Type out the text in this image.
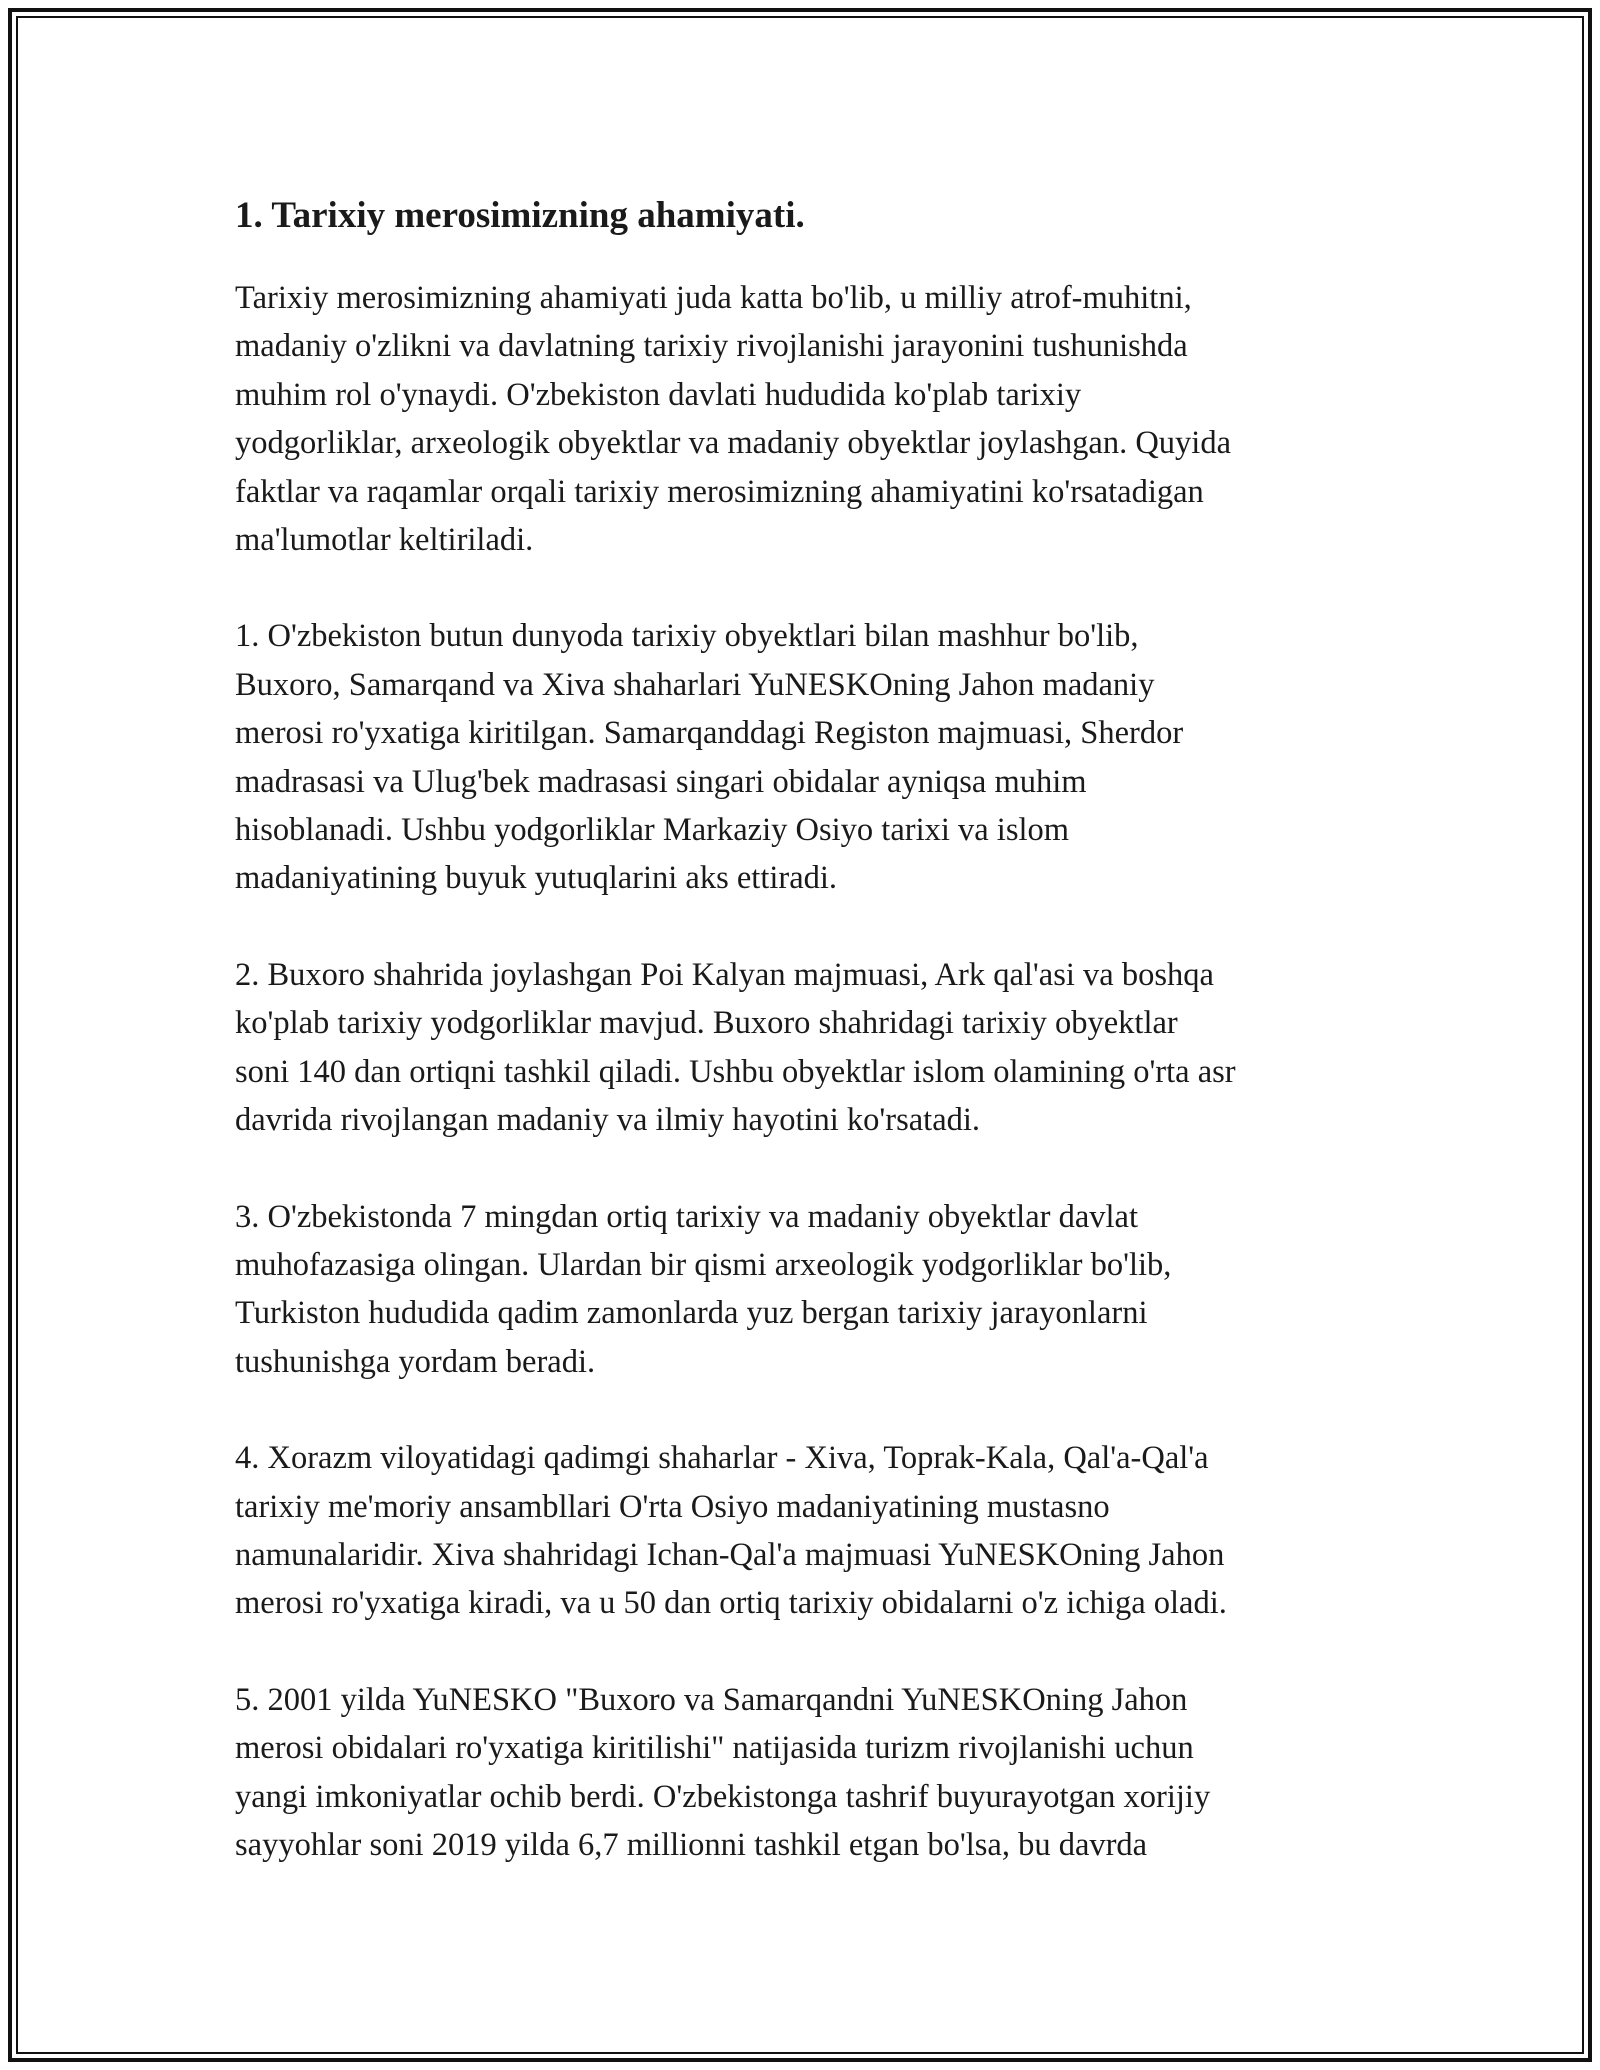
1. Tarixiy merosimizning ahamiyati.

Tarixiy merosimizning ahamiyati juda katta bo'lib, u milliy atrof-muhitni,
madaniy o'zlikni va davlatning tarixiy rivojlanishi jarayonini tushunishda
muhim rol o'ynaydi. O'zbekiston davlati hududida ko'plab tarixiy
yodgorliklar, arxeologik obyektlar va madaniy obyektlar joylashgan. Quyida
faktlar va raqamlar orqali tarixiy merosimizning ahamiyatini ko'rsatadigan
ma'lumotlar keltiriladi.

1. O'zbekiston butun dunyoda tarixiy obyektlari bilan mashhur bo'lib,
Buxoro, Samarqand va Xiva shaharlari YuNESKOning Jahon madaniy
merosi ro'yxatiga kiritilgan. Samarqanddagi Registon majmuasi, Sherdor
madrasasi va Ulug'bek madrasasi singari obidalar ayniqsa muhim
hisoblanadi. Ushbu yodgorliklar Markaziy Osiyo tarixi va islom
madaniyatining buyuk yutuqlarini aks ettiradi.

2. Buxoro shahrida joylashgan Poi Kalyan majmuasi, Ark qal'asi va boshqa
ko'plab tarixiy yodgorliklar mavjud. Buxoro shahridagi tarixiy obyektlar
soni 140 dan ortiqni tashkil qiladi. Ushbu obyektlar islom olamining o'rta asr
davrida rivojlangan madaniy va ilmiy hayotini ko'rsatadi.

3. O'zbekistonda 7 mingdan ortiq tarixiy va madaniy obyektlar davlat
muhofazasiga olingan. Ulardan bir qismi arxeologik yodgorliklar bo'lib,
Turkiston hududida qadim zamonlarda yuz bergan tarixiy jarayonlarni
tushunishga yordam beradi.

4. Xorazm viloyatidagi qadimgi shaharlar - Xiva, Toprak-Kala, Qal'a-Qal'a
tarixiy me'moriy ansambllari O'rta Osiyo madaniyatining mustasno
namunalaridir. Xiva shahridagi Ichan-Qal'a majmuasi YuNESKOning Jahon
merosi ro'yxatiga kiradi, va u 50 dan ortiq tarixiy obidalarni o'z ichiga oladi.

5. 2001 yilda YuNESKO "Buxoro va Samarqandni YuNESKOning Jahon
merosi obidalari ro'yxatiga kiritilishi" natijasida turizm rivojlanishi uchun
yangi imkoniyatlar ochib berdi. O'zbekistonga tashrif buyurayotgan xorijiy
sayyohlar soni 2019 yilda 6,7 millionni tashkil etgan bo'lsa, bu davrda
